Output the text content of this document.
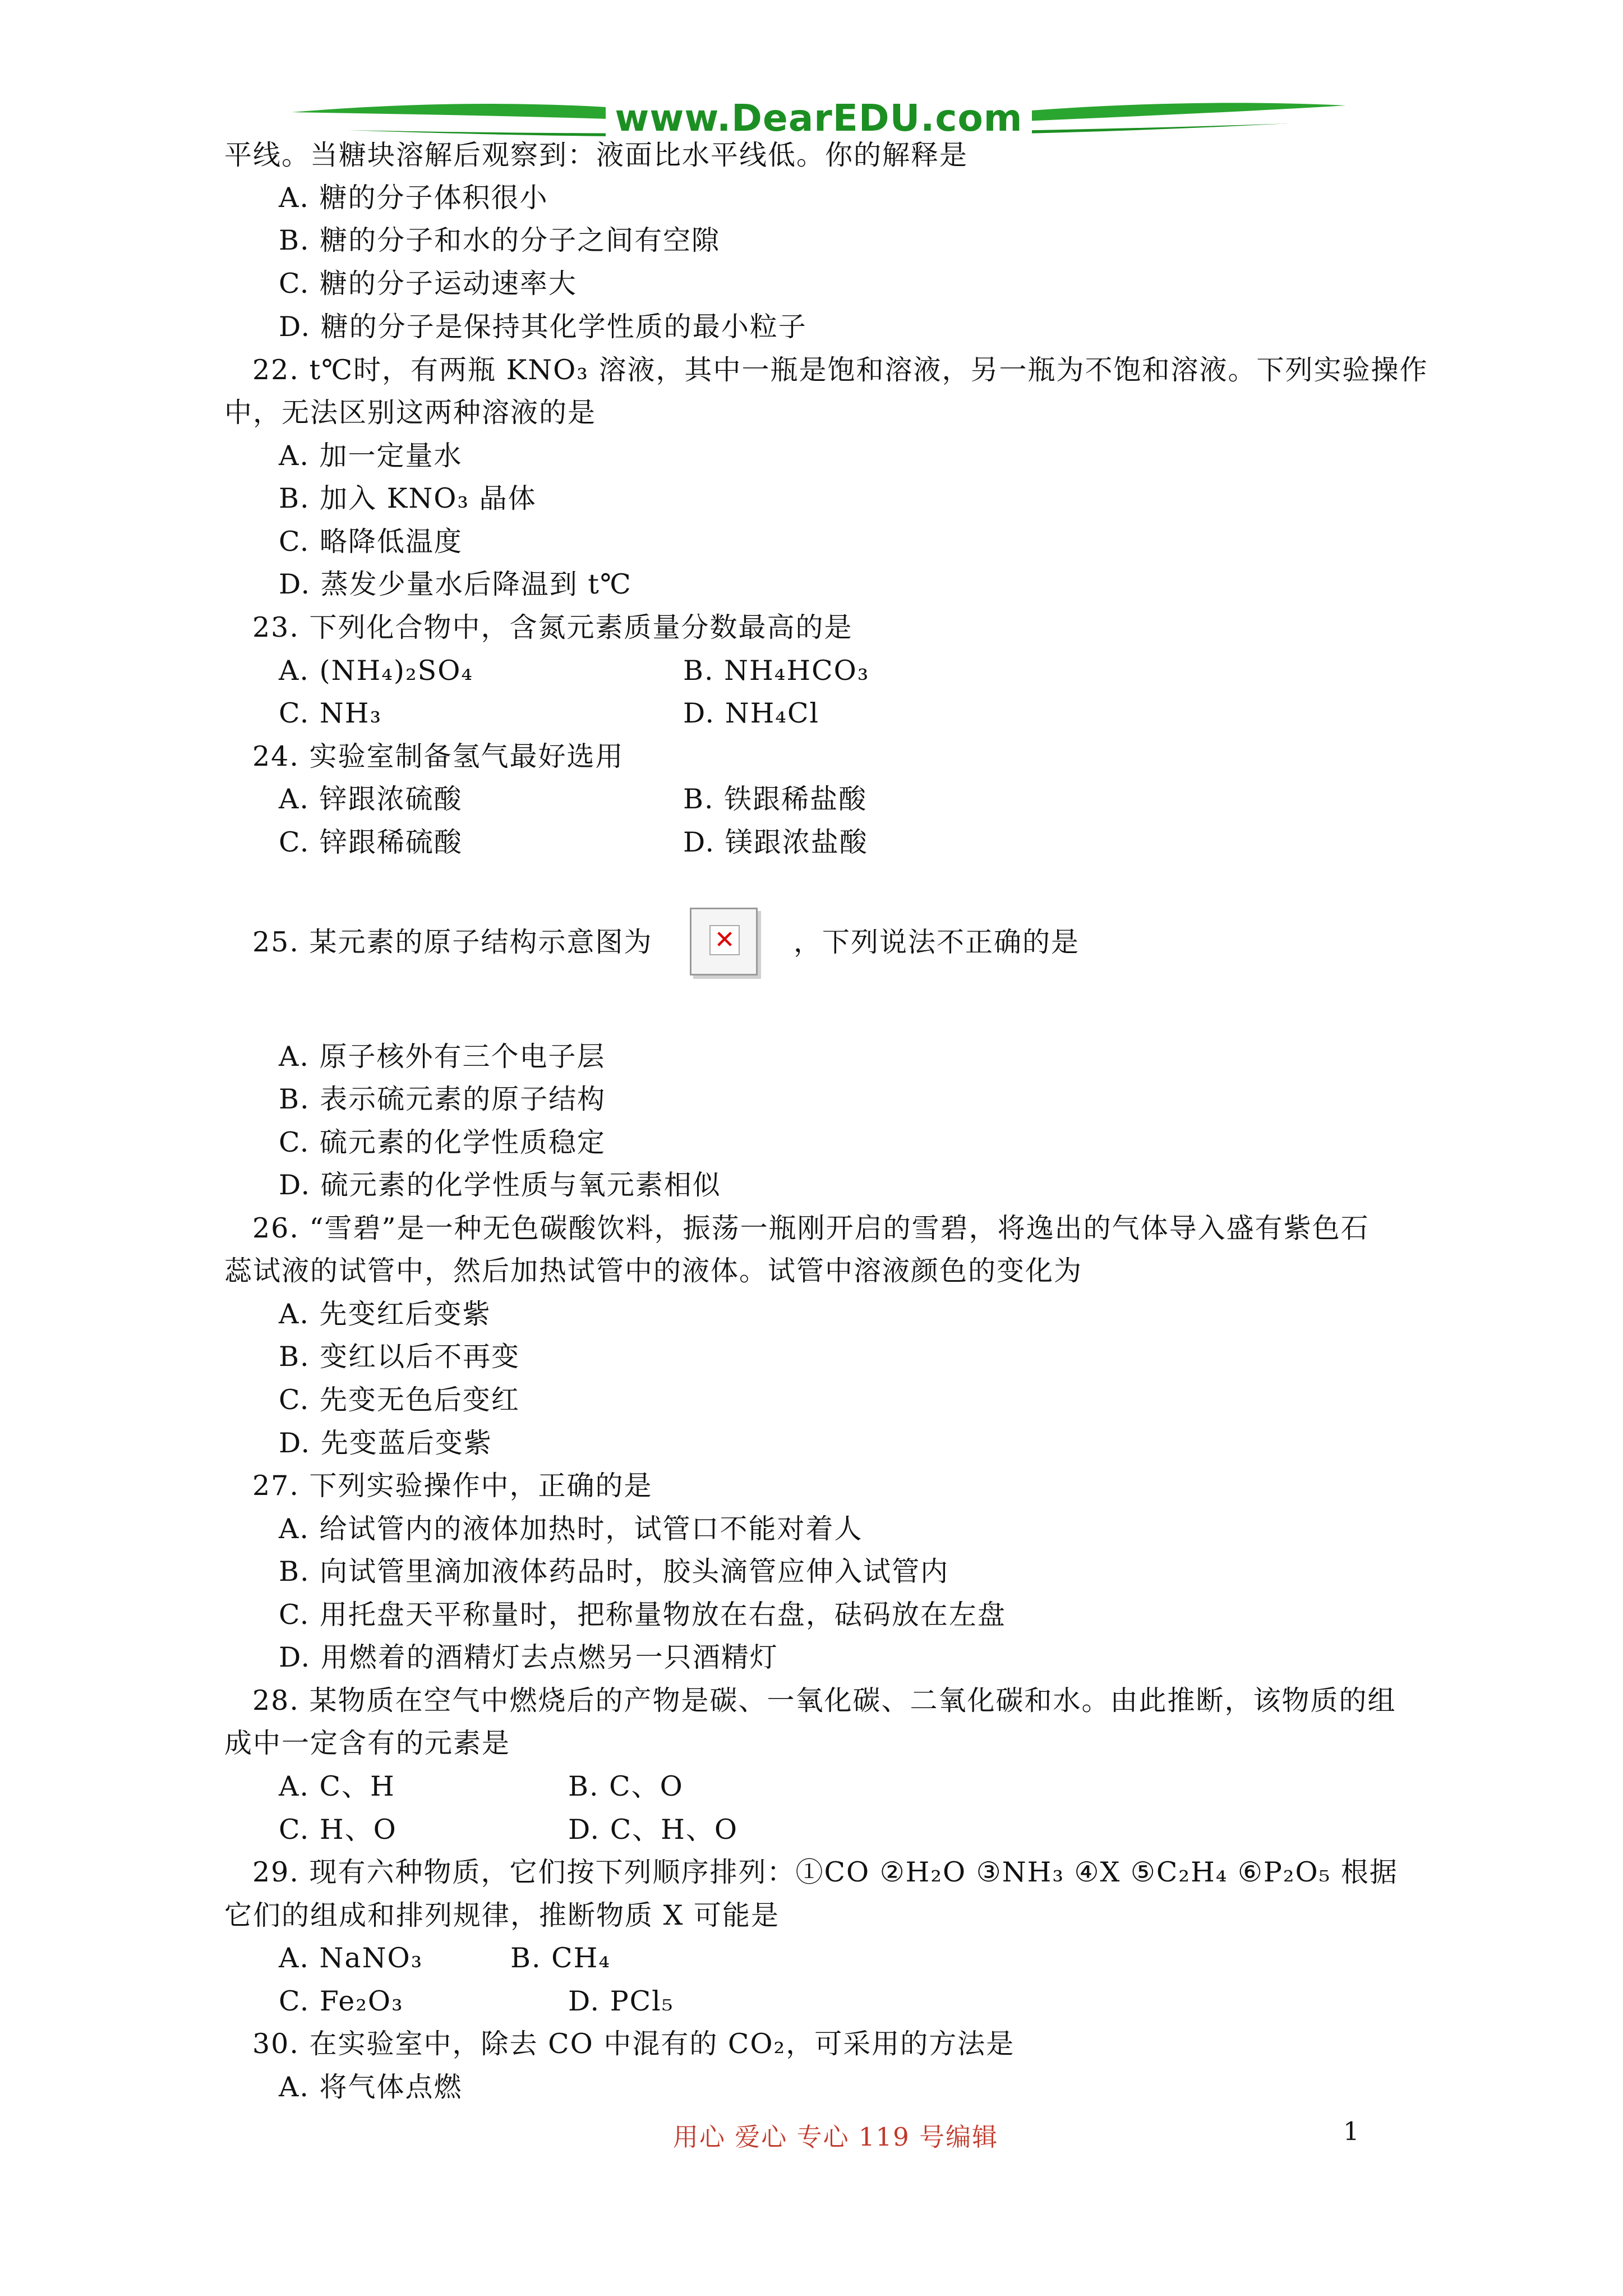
www.DearEDU.com
平线。当糖块溶解后观察到：液面比水平线低。你的解释是
A. 糖的分子体积很小
B. 糖的分子和水的分子之间有空隙
C. 糖的分子运动速率大
D. 糖的分子是保持其化学性质的最小粒子
22. t℃时，有两瓶 KNO₃ 溶液，其中一瓶是饱和溶液，另一瓶为不饱和溶液。下列实验操作
中，无法区别这两种溶液的是
A. 加一定量水
B. 加入 KNO₃ 晶体
C. 略降低温度
D. 蒸发少量水后降温到 t℃
23. 下列化合物中，含氮元素质量分数最高的是
A. (NH₄)₂SO₄	B. NH₄HCO₃
C. NH₃	D. NH₄Cl
24. 实验室制备氢气最好选用
A. 锌跟浓硫酸	B. 铁跟稀盐酸
C. 锌跟稀硫酸	D. 镁跟浓盐酸
25. 某元素的原子结构示意图为	✕ ，下列说法不正确的是
A. 原子核外有三个电子层
B. 表示硫元素的原子结构
C. 硫元素的化学性质稳定
D. 硫元素的化学性质与氧元素相似
26. “雪碧”是一种无色碳酸饮料，振荡一瓶刚开启的雪碧，将逸出的气体导入盛有紫色石
蕊试液的试管中，然后加热试管中的液体。试管中溶液颜色的变化为
A. 先变红后变紫
B. 变红以后不再变
C. 先变无色后变红
D. 先变蓝后变紫
27. 下列实验操作中，正确的是
A. 给试管内的液体加热时，试管口不能对着人
B. 向试管里滴加液体药品时，胶头滴管应伸入试管内
C. 用托盘天平称量时，把称量物放在右盘，砝码放在左盘
D. 用燃着的酒精灯去点燃另一只酒精灯
28. 某物质在空气中燃烧后的产物是碳、一氧化碳、二氧化碳和水。由此推断，该物质的组
成中一定含有的元素是
A. C、H	B. C、O
C. H、O	D. C、H、O
29. 现有六种物质，它们按下列顺序排列：①CO ②H₂O ③NH₃ ④X ⑤C₂H₄ ⑥P₂O₅ 根据
它们的组成和排列规律，推断物质 X 可能是
A. NaNO₃	B. CH₄
C. Fe₂O₃	D. PCl₅
30. 在实验室中，除去 CO 中混有的 CO₂，可采用的方法是
A. 将气体点燃
用心 爱心 专心 119 号编辑	1
